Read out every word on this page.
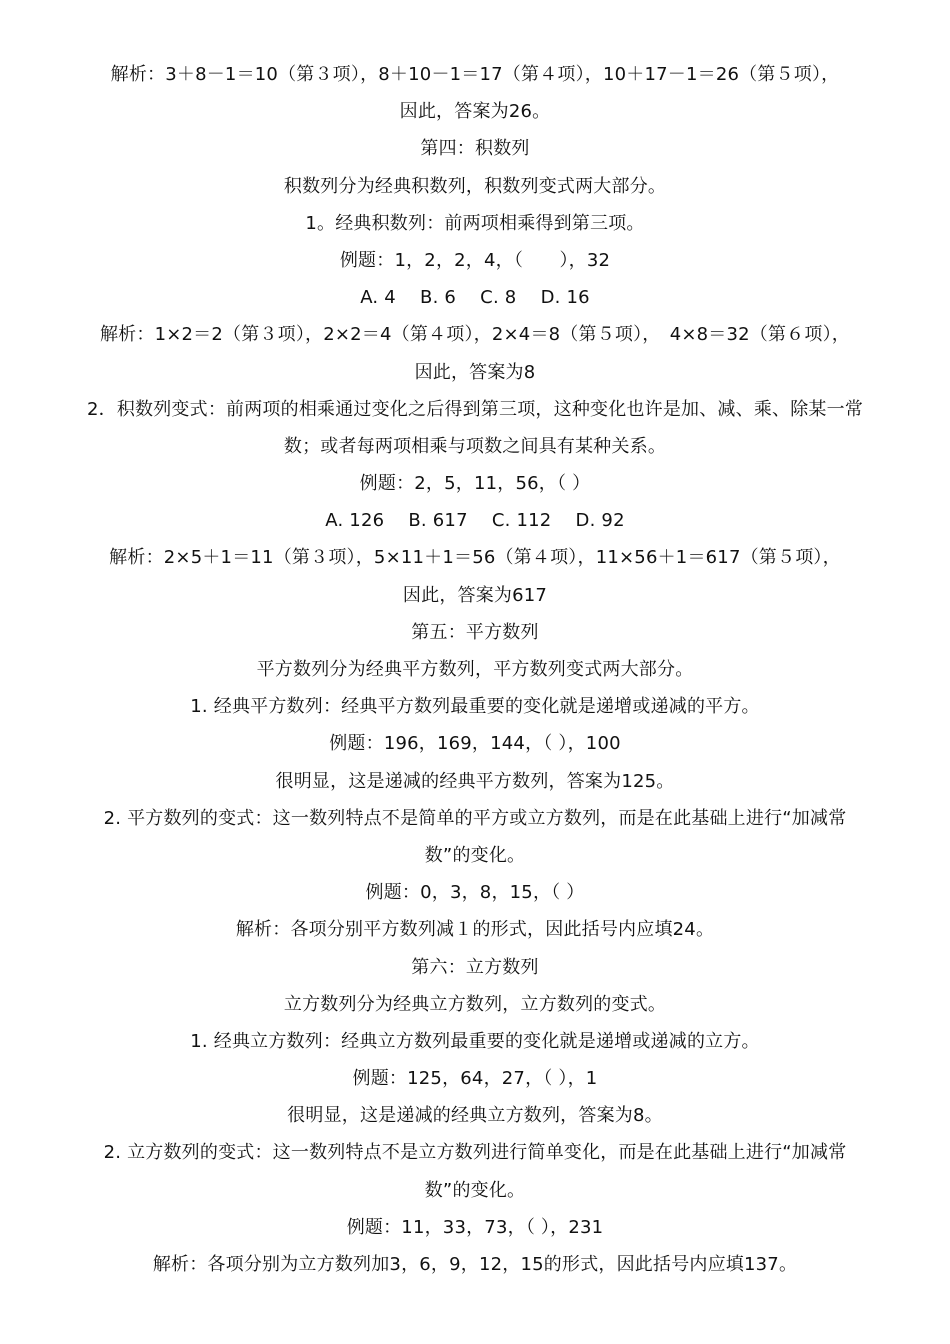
解析：3＋8－1＝10（第３项），8＋10－1＝17（第４项），10＋17－1＝26（第５项），
因此，答案为26。
第四：积数列
积数列分为经典积数列，积数列变式两大部分。
1。经典积数列：前两项相乘得到第三项。
例题：1，2，2，4，（　　），32
A. 4　 B. 6　 C. 8　 D. 16
解析：1×2＝2（第３项），2×2＝4（第４项），2×4＝8（第５项），　4×8＝32（第６项），
因此，答案为8
2．积数列变式：前两项的相乘通过变化之后得到第三项，这种变化也许是加、减、乘、除某一常
数；或者每两项相乘与项数之间具有某种关系。
例题：2，5，11，56，（ ）
A. 126　 B. 617　 C. 112　 D. 92
解析：2×5＋1＝11（第３项），5×11＋1＝56（第４项），11×56＋1＝617（第５项），
因此，答案为617
第五：平方数列
平方数列分为经典平方数列，平方数列变式两大部分。
1. 经典平方数列：经典平方数列最重要的变化就是递增或递减的平方。
例题：196，169，144，（ ），100
很明显，这是递减的经典平方数列，答案为125。
2. 平方数列的变式：这一数列特点不是简单的平方或立方数列，而是在此基础上进行“加减常
数”的变化。
例题：0，3，8，15，（ ）
解析：各项分别平方数列减１的形式，因此括号内应填24。
第六：立方数列
立方数列分为经典立方数列，立方数列的变式。
1. 经典立方数列：经典立方数列最重要的变化就是递增或递减的立方。
例题：125，64，27，（ ），1
很明显，这是递减的经典立方数列，答案为8。
2. 立方数列的变式：这一数列特点不是立方数列进行简单变化，而是在此基础上进行“加减常
数”的变化。
例题：11，33，73，（ ），231
解析：各项分别为立方数列加3，6，9，12，15的形式，因此括号内应填137。
